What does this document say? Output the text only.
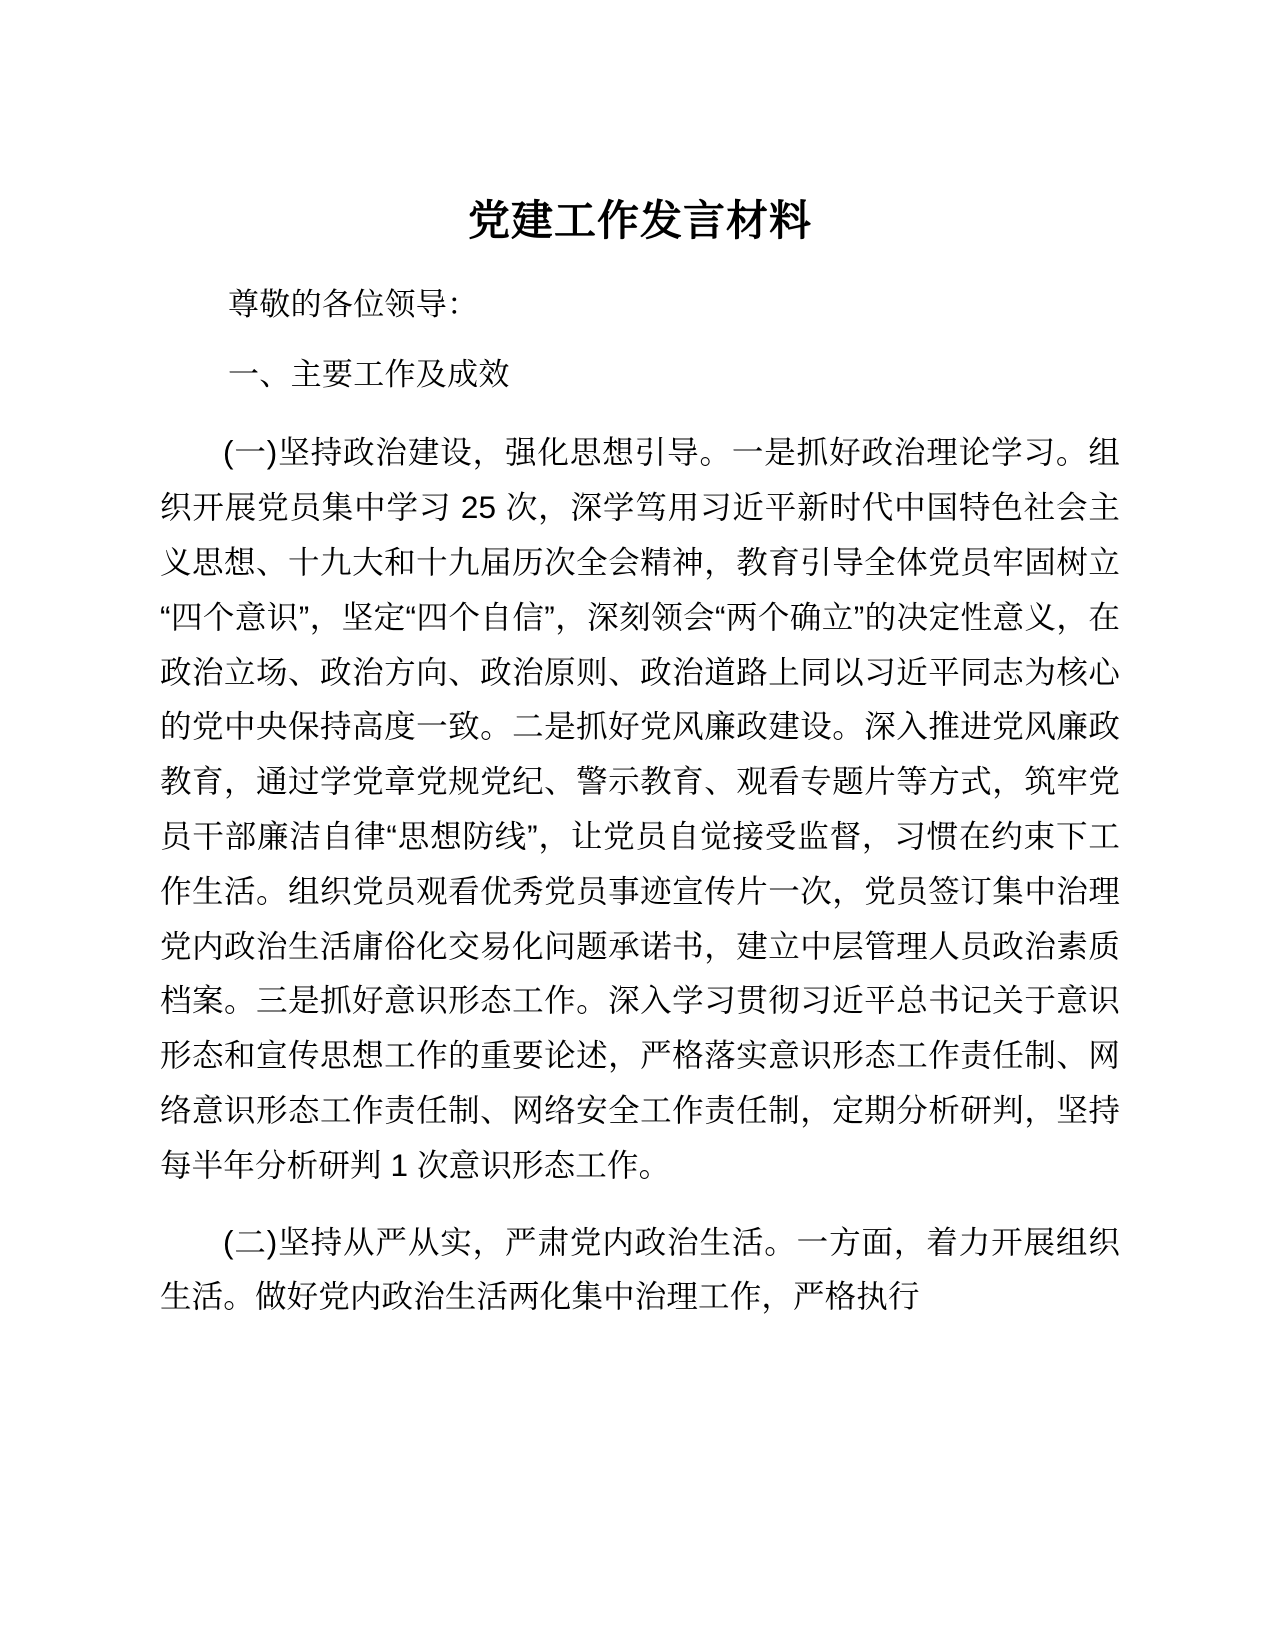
党建工作发言材料

尊敬的各位领导：

一、主要工作及成效

(一)坚持政治建设，强化思想引导。一是抓好政治理论学习。组织开展党员集中学习 25 次，深学笃用习近平新时代中国特色社会主义思想、十九大和十九届历次全会精神，教育引导全体党员牢固树立“四个意识”，坚定“四个自信”，深刻领会“两个确立”的决定性意义，在政治立场、政治方向、政治原则、政治道路上同以习近平同志为核心的党中央保持高度一致。二是抓好党风廉政建设。深入推进党风廉政教育，通过学党章党规党纪、警示教育、观看专题片等方式，筑牢党员干部廉洁自律“思想防线”，让党员自觉接受监督，习惯在约束下工作生活。组织党员观看优秀党员事迹宣传片一次，党员签订集中治理党内政治生活庸俗化交易化问题承诺书，建立中层管理人员政治素质档案。三是抓好意识形态工作。深入学习贯彻习近平总书记关于意识形态和宣传思想工作的重要论述，严格落实意识形态工作责任制、网络意识形态工作责任制、网络安全工作责任制，定期分析研判，坚持每半年分析研判 1 次意识形态工作。

(二)坚持从严从实，严肃党内政治生活。一方面，着力开展组织生活。做好党内政治生活两化集中治理工作，严格执行
